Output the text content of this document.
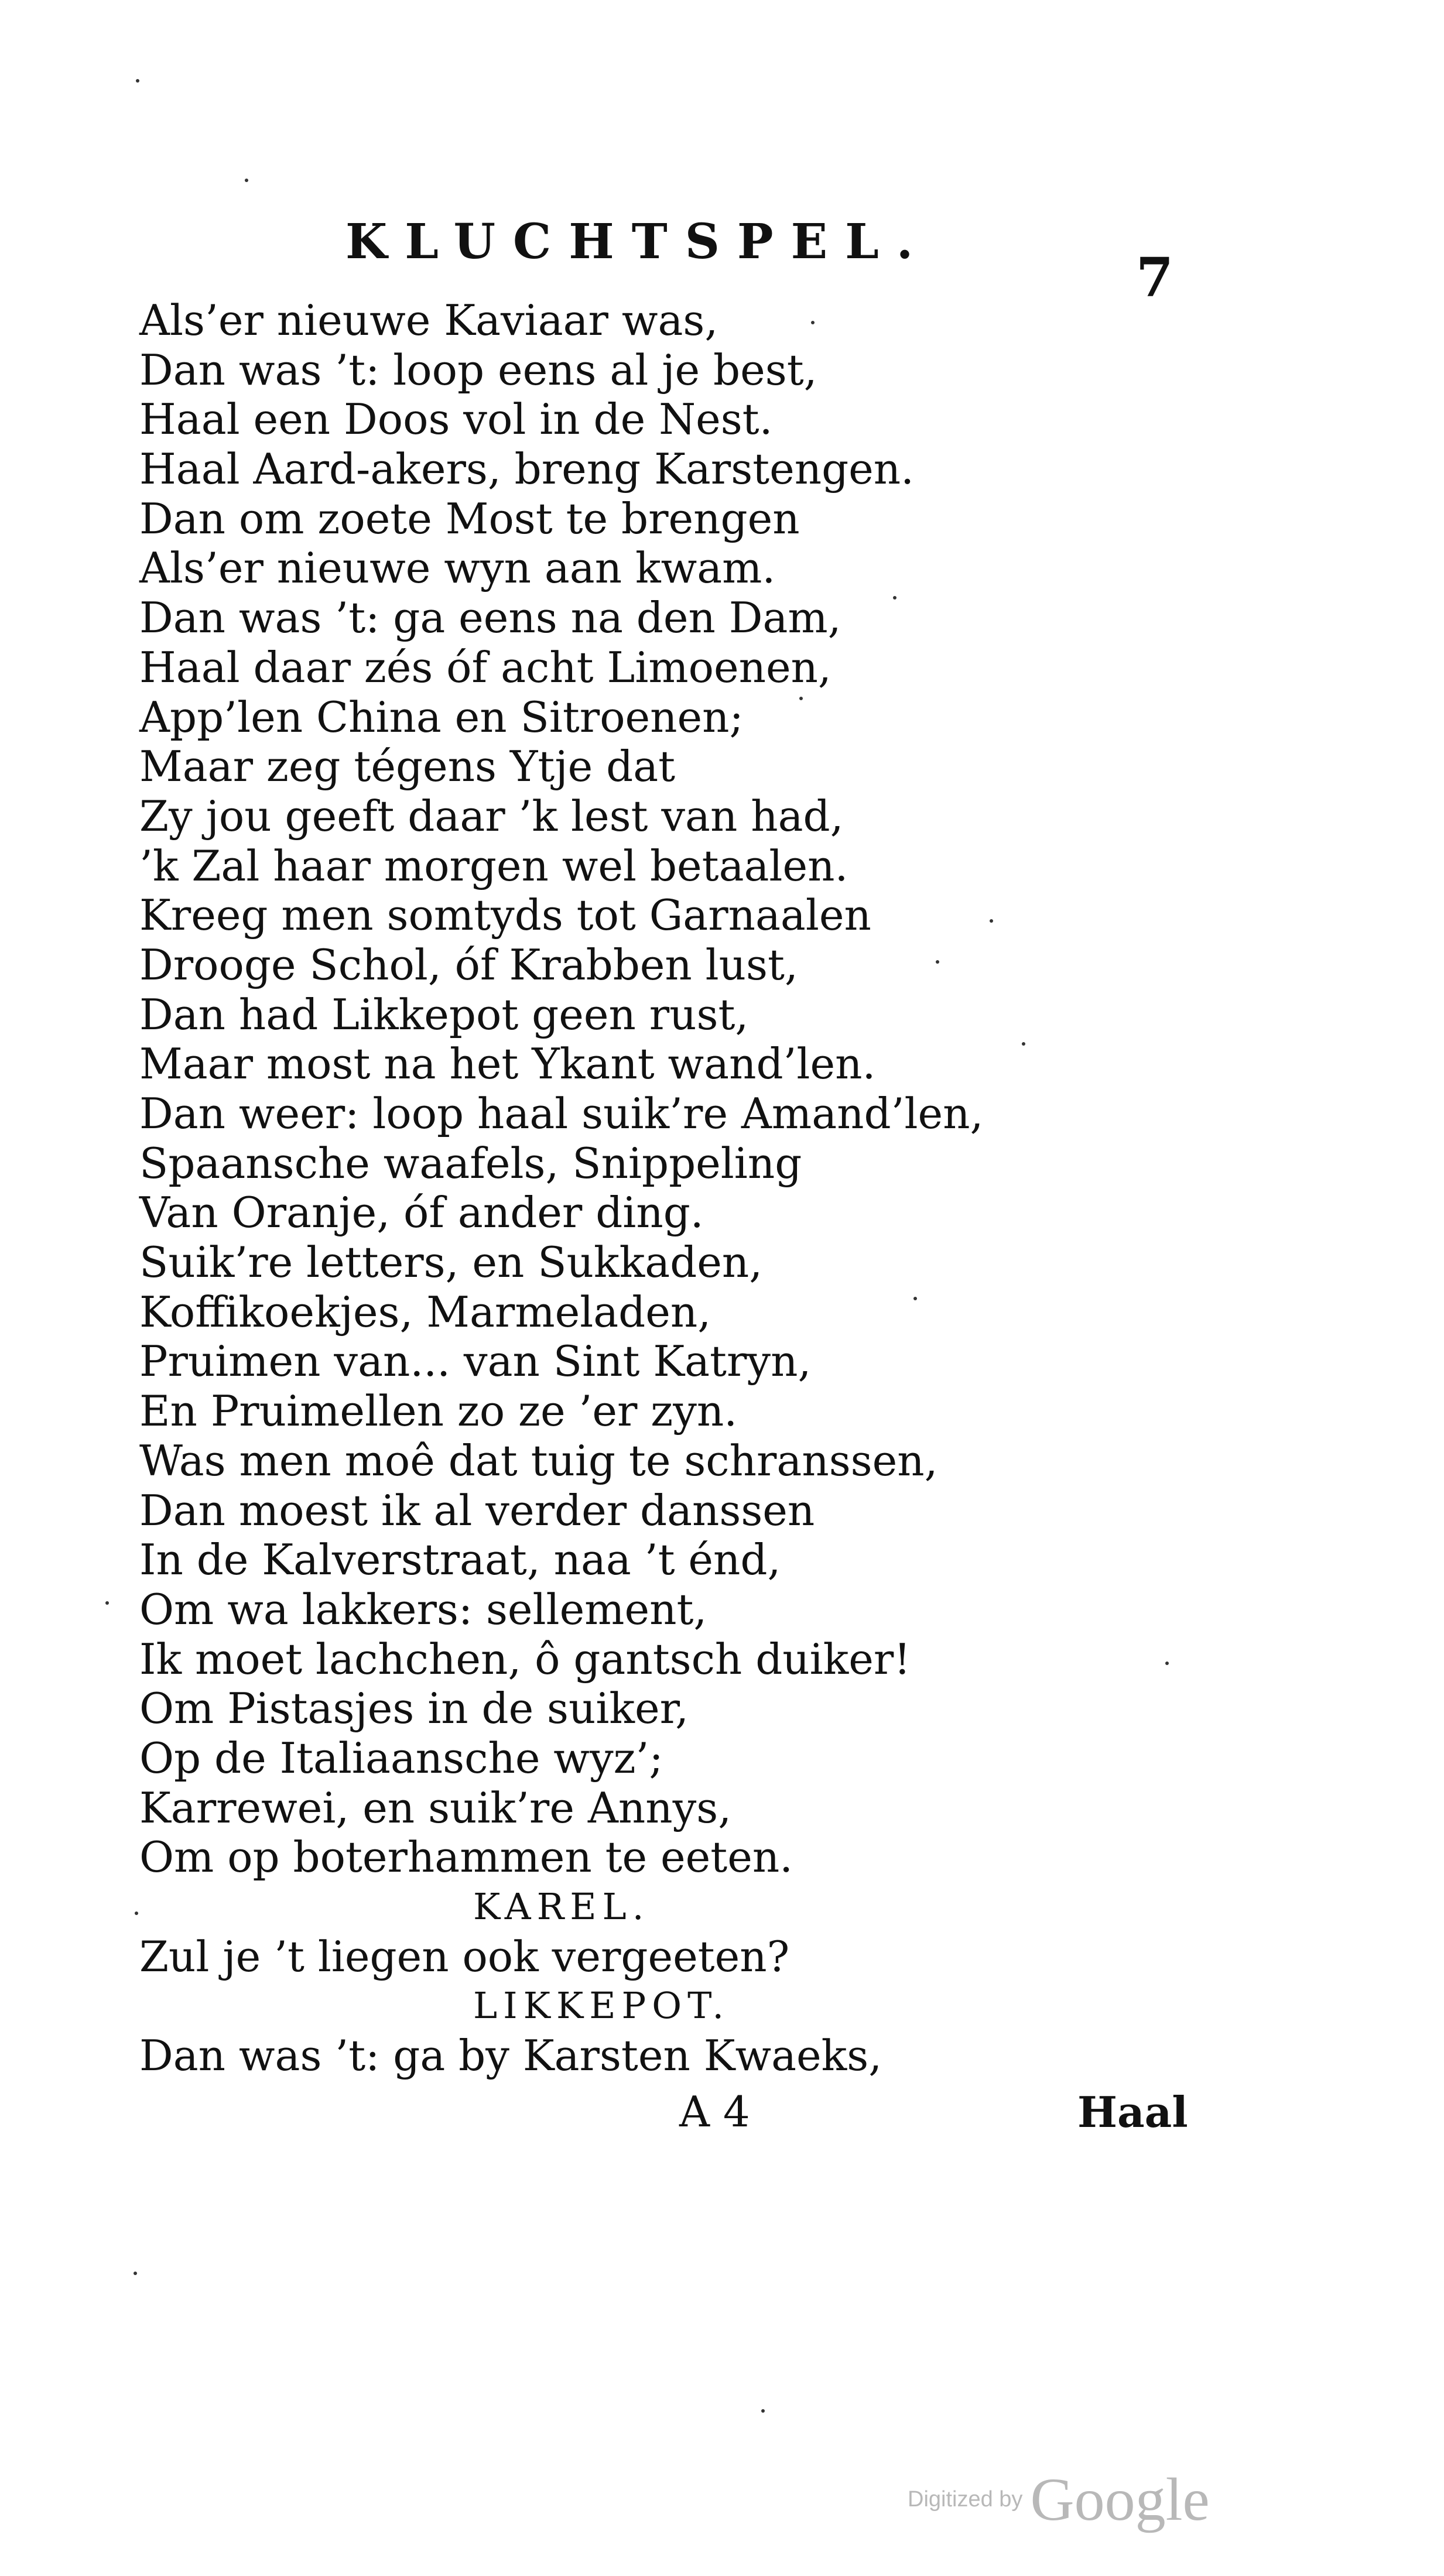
KLUCHTSPEL.
7
Als’er nieuwe Kaviaar was,
Dan was ’t: loop eens al je best,
Haal een Doos vol in de Nest.
Haal Aard-akers, breng Karstengen.
Dan om zoete Most te brengen
Als’er nieuwe wyn aan kwam.
Dan was ’t: ga eens na den Dam,
Haal daar zés óf acht Limoenen,
App’len China en Sitroenen;
Maar zeg tégens Ytje dat
Zy jou geeft daar ’k lest van had,
’k Zal haar morgen wel betaalen.
Kreeg men somtyds tot Garnaalen
Drooge Schol, óf Krabben lust,
Dan had Likkepot geen rust,
Maar most na het Ykant wand’len.
Dan weer: loop haal suik’re Amand’len,
Spaansche waafels, Snippeling
Van Oranje, óf ander ding.
Suik’re letters, en Sukkaden,
Koffikoekjes, Marmeladen,
Pruimen van... van Sint Katryn,
En Pruimellen zo ze ’er zyn.
Was men moê dat tuig te schranssen,
Dan moest ik al verder danssen
In de Kalverstraat, naa ’t énd,
Om wa lakkers: sellement,
Ik moet lachchen, ô gantsch duiker!
Om Pistasjes in de suiker,
Op de Italiaansche wyz’;
Karrewei, en suik’re Annys,
Om op boterhammen te eeten.
KAREL.
Zul je ’t liegen ook vergeeten?
LIKKEPOT.
Dan was ’t: ga by Karsten Kwaeks,
A 4	Haal
Digitized by Google
